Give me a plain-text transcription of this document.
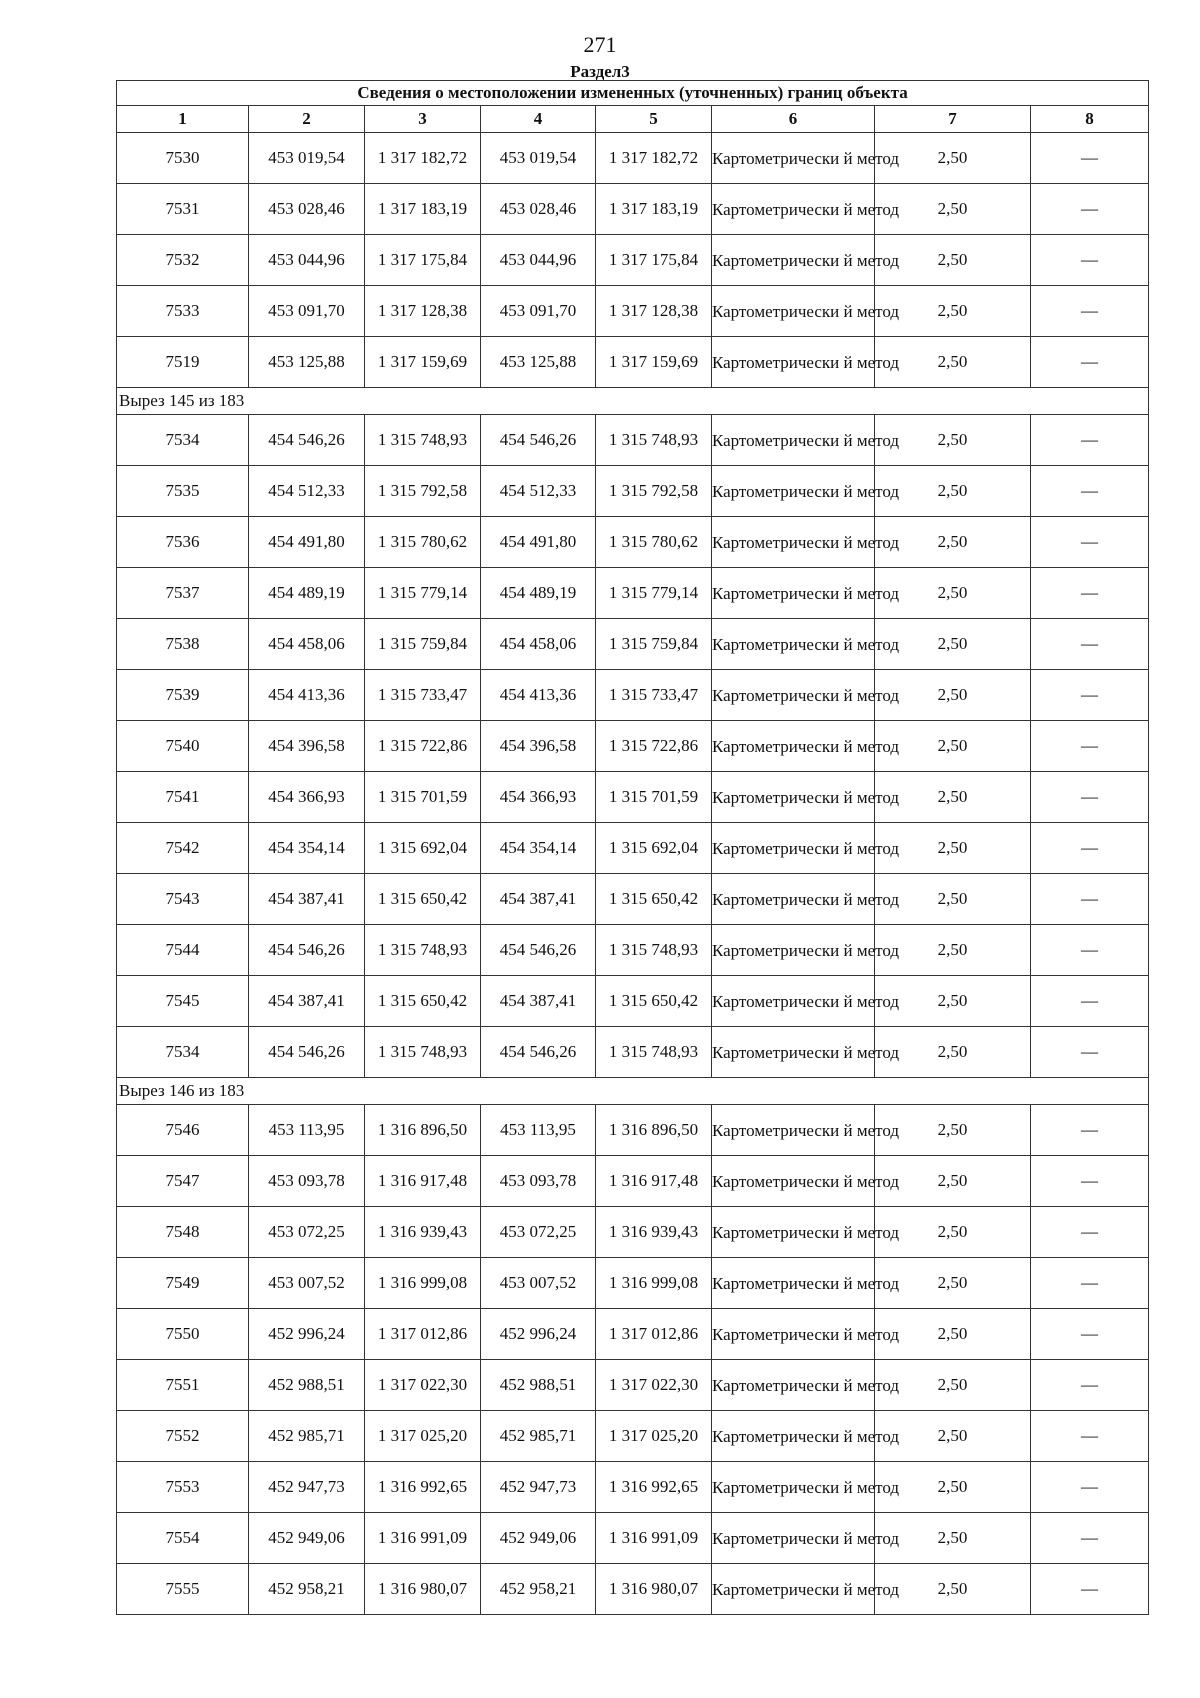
271
Раздел3
Сведения о местоположении измененных (уточненных) границ объекта							
1	2	3	4	5	6	7	8
7530	453 019,54	1 317 182,72	453 019,54	1 317 182,72	Картометрически й метод	2,50	—
7531	453 028,46	1 317 183,19	453 028,46	1 317 183,19	Картометрически й метод	2,50	—
7532	453 044,96	1 317 175,84	453 044,96	1 317 175,84	Картометрически й метод	2,50	—
7533	453 091,70	1 317 128,38	453 091,70	1 317 128,38	Картометрически й метод	2,50	—
7519	453 125,88	1 317 159,69	453 125,88	1 317 159,69	Картометрически й метод	2,50	—
Вырез 145 из 183							
7534	454 546,26	1 315 748,93	454 546,26	1 315 748,93	Картометрически й метод	2,50	—
7535	454 512,33	1 315 792,58	454 512,33	1 315 792,58	Картометрически й метод	2,50	—
7536	454 491,80	1 315 780,62	454 491,80	1 315 780,62	Картометрически й метод	2,50	—
7537	454 489,19	1 315 779,14	454 489,19	1 315 779,14	Картометрически й метод	2,50	—
7538	454 458,06	1 315 759,84	454 458,06	1 315 759,84	Картометрически й метод	2,50	—
7539	454 413,36	1 315 733,47	454 413,36	1 315 733,47	Картометрически й метод	2,50	—
7540	454 396,58	1 315 722,86	454 396,58	1 315 722,86	Картометрически й метод	2,50	—
7541	454 366,93	1 315 701,59	454 366,93	1 315 701,59	Картометрически й метод	2,50	—
7542	454 354,14	1 315 692,04	454 354,14	1 315 692,04	Картометрически й метод	2,50	—
7543	454 387,41	1 315 650,42	454 387,41	1 315 650,42	Картометрически й метод	2,50	—
7544	454 546,26	1 315 748,93	454 546,26	1 315 748,93	Картометрически й метод	2,50	—
7545	454 387,41	1 315 650,42	454 387,41	1 315 650,42	Картометрически й метод	2,50	—
7534	454 546,26	1 315 748,93	454 546,26	1 315 748,93	Картометрически й метод	2,50	—
Вырез 146 из 183							
7546	453 113,95	1 316 896,50	453 113,95	1 316 896,50	Картометрически й метод	2,50	—
7547	453 093,78	1 316 917,48	453 093,78	1 316 917,48	Картометрически й метод	2,50	—
7548	453 072,25	1 316 939,43	453 072,25	1 316 939,43	Картометрически й метод	2,50	—
7549	453 007,52	1 316 999,08	453 007,52	1 316 999,08	Картометрически й метод	2,50	—
7550	452 996,24	1 317 012,86	452 996,24	1 317 012,86	Картометрически й метод	2,50	—
7551	452 988,51	1 317 022,30	452 988,51	1 317 022,30	Картометрически й метод	2,50	—
7552	452 985,71	1 317 025,20	452 985,71	1 317 025,20	Картометрически й метод	2,50	—
7553	452 947,73	1 316 992,65	452 947,73	1 316 992,65	Картометрически й метод	2,50	—
7554	452 949,06	1 316 991,09	452 949,06	1 316 991,09	Картометрически й метод	2,50	—
7555	452 958,21	1 316 980,07	452 958,21	1 316 980,07	Картометрически й метод	2,50	—
